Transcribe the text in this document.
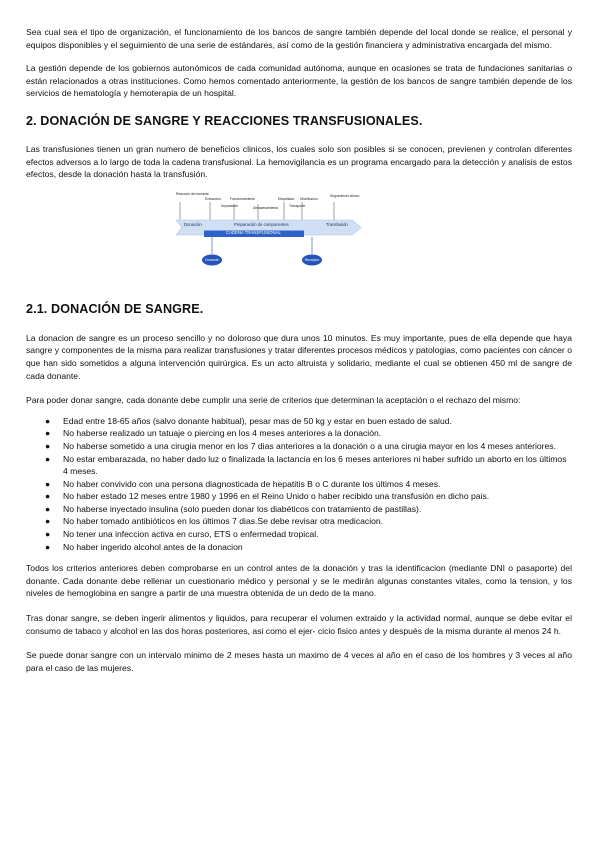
Sea cual sea el tipo de organización, el funcionamiento de los bancos de sangre también depende del local donde se realice, el personal y equipos disponibles y el seguimiento de una serie de estándares, así como de la gestión financiera y administrativa encargada del mismo.

La gestión depende de los gobiernos autonómicos de cada comunidad autónoma, aunque en ocasiones se trata de fundaciones sanitarias o están relacionados a otras instituciones. Como hemos comentado anteriormente, la gestión de los bancos de sangre también depende de los servicios de hematología y hemoterapia de un hospital.

2. DONACIÓN DE SANGRE Y REACCIONES TRANSFUSIONALES.

Las transfusiones tienen un gran numero de beneficios clinicos, los cuales solo son posibles si se conocen, previenen y controlan diferentes efectos adversos a lo largo de toda la cadena transfusional. La hemovigilancia es un programa encargado para la detección y analisis de estos efectos, desde la donación hasta la transfusión.

Reacción del donante
Extracción	Fraccionamiento	Etiquetado Distribución
Seguimiento clínico
Separación	Almacenamiento	Transporte
Donación	Preparación de componentes	Transfusión
CADENA TRANSFUSIONAL
Donante	Receptor
2.1. DONACIÓN DE SANGRE.

La donacion de sangre es un proceso sencillo y no doloroso que dura unos 10 minutos. Es muy importante, pues de ella depende que haya sangre y componentes de la misma para realizar transfusiones y tratar diferentes procesos médicos y patologias, como pacientes con cáncer o que han sido sometidos a alguna intervención quirúrgica. Es un acto altruista y solidario, mediante el cual se obtienen 450 ml de sangre de cada donante.

Para poder donar sangre, cada donante debe cumplir una serie de criterios que determinan la aceptación o el rechazo del mismo:

● Edad entre 18-65 años (salvo donante habitual), pesar mas de 50 kg y estar en buen estado de salud.
● No haberse realizado un tatuaje o piercing en los 4 meses anteriores a la donación.
● No haberse sometido a una cirugia menor en los 7 dias anteriores a la donación o a una cirugia mayor en los 4 meses anteriores.
● No estar embarazada, no haber dado luz o finalizada la lactancia en los 6 meses anteriores ni haber sufrido un aborto en los últimos 4 meses.
● No haber convivido con una persona diagnosticada de hepatitis B o C durante los últimos 4 meses.
● No haber estado 12 meses entre 1980 y 1996 en el Reino Unido o haber recibido una transfusión en dicho pais.
● No haberse inyectado insulina (solo pueden donar los diabéticos con tratamiento de pastillas).
● No haber tomado antibióticos en los últimos 7 dias.Se debe revisar otra medicacion.
● No tener una infeccion activa en curso, ETS o enfermedad tropical.
● No haber ingerido alcohol antes de la donacion

Todos los criterios anteriores deben comprobarse en un control antes de la donación y tras la identificacion (mediante DNI o pasaporte) del donante. Cada donante debe rellenar un cuestionario médico y personal y se le medirán algunas constantes vitales, como la tension, y los niveles de hemoglobina en sangre a partir de una muestra obtenida de un dedo de la mano.

Tras donar sangre, se deben ingerir alimentos y liquidos, para recuperar el volumen extraido y la actividad normal, aunque se debe evitar el consumo de tabaco y alcohol en las dos horas posteriores, asi como el ejer- cicio fisico antes y después de la misma durante al menos 24 h.

Se puede donar sangre con un intervalo minimo de 2 meses hasta un maximo de 4 veces al año en el caso de los hombres y 3 veces al año para el caso de las mujeres.
